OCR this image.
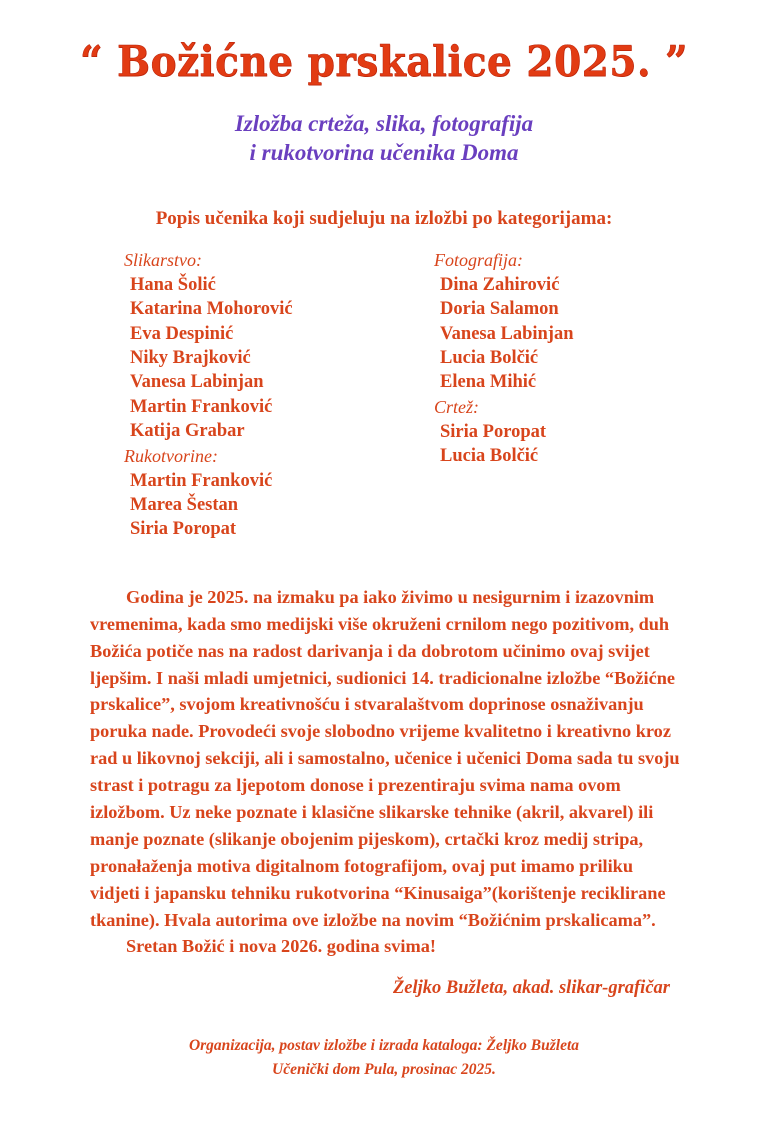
“ Božićne prskalice 2025. ”
Izložba crteža, slika, fotografija
i rukotvorina učenika Doma
Popis učenika koji sudjeluju na izložbi po kategorijama:
Slikarstvo:
Hana Šolić
Katarina Mohorović
Eva Despinić
Niky Brajković
Vanesa Labinjan
Martin Franković
Katija Grabar
Rukotvorine:
Martin Franković
Marea Šestan
Siria Poropat
Fotografija:
Dina Zahirović
Doria Salamon
Vanesa Labinjan
Lucia Bolčić
Elena Mihić
Crtež:
Siria Poropat
Lucia Bolčić

Godina je 2025. na izmaku pa iako živimo u nesigurnim i izazovnim vremenima, kada smo medijski više okruženi crnilom nego pozitivom, duh Božića potiče nas na radost darivanja i da dobrotom učinimo ovaj svijet ljepšim. I naši mladi umjetnici, sudionici 14. tradicionalne izložbe “Božićne prskalice”, svojom kreativnošću i stvaralaštvom doprinose osnaživanju poruka nade. Provodeći svoje slobodno vrijeme kvalitetno i kreativno kroz rad u likovnoj sekciji, ali i samostalno, učenice i učenici Doma sada tu svoju strast i potragu za ljepotom donose i prezentiraju svima nama ovom izložbom. Uz neke poznate i klasične slikarske tehnike (akril, akvarel) ili manje poznate (slikanje obojenim pijeskom), crtački kroz medij stripa, pronałaženja motiva digitalnom fotografijom, ovaj put imamo priliku vidjeti i japansku tehniku rukotvorina “Kinusaiga”(korištenje reciklirane tkanine). Hvala autorima ove izložbe na novim “Božićnim prskalicama”.

Sretan Božić i nova 2026. godina svima!

Željko Bužleta, akad. slikar-grafičar
Organizacija, postav izložbe i izrada kataloga: Željko Bužleta
Učenički dom Pula, prosinac 2025.
